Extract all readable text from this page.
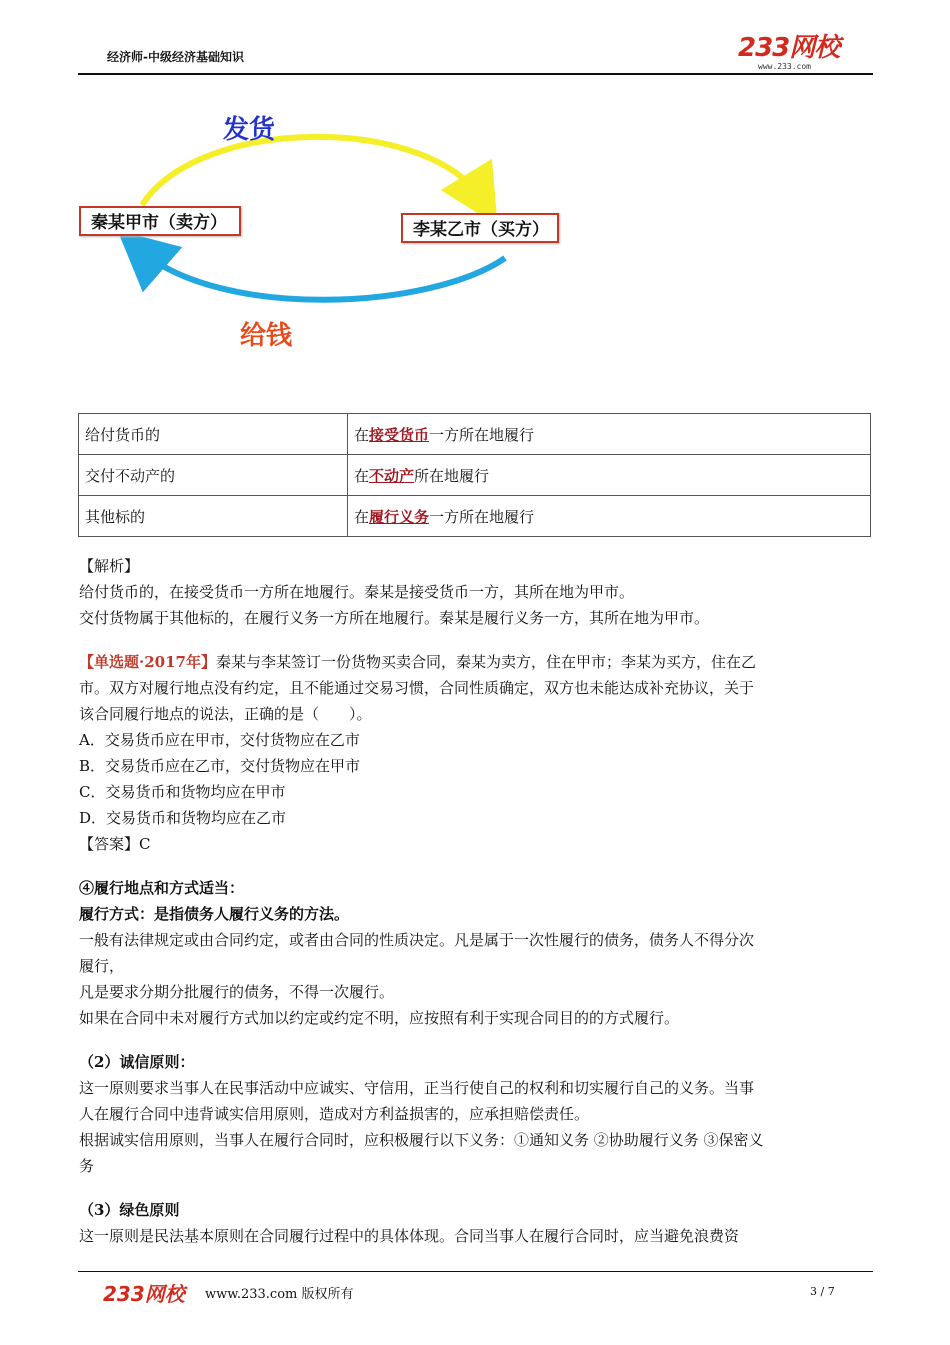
经济师-中级经济基础知识	233网校
www.233.com
发货
给钱
秦某甲市（卖方）	李某乙市（买方）
给付货币的	在接受货币一方所在地履行
交付不动产的	在不动产所在地履行
其他标的	在履行义务一方所在地履行
【解析】
给付货币的，在接受货币一方所在地履行。秦某是接受货币一方，其所在地为甲市。
交付货物属于其他标的，在履行义务一方所在地履行。秦某是履行义务一方，其所在地为甲市。
【单选题·2017年】秦某与李某签订一份货物买卖合同，秦某为卖方，住在甲市；李某为买方，住在乙
市。双方对履行地点没有约定，且不能通过交易习惯，合同性质确定，双方也未能达成补充协议，关于
该合同履行地点的说法，正确的是（　　）。
A．交易货币应在甲市，交付货物应在乙市
B．交易货币应在乙市，交付货物应在甲市
C．交易货币和货物均应在甲市
D．交易货币和货物均应在乙市
【答案】C
④履行地点和方式适当：
履行方式：是指债务人履行义务的方法。
一般有法律规定或由合同约定，或者由合同的性质决定。凡是属于一次性履行的债务，债务人不得分次
履行，
凡是要求分期分批履行的债务，不得一次履行。
如果在合同中未对履行方式加以约定或约定不明，应按照有利于实现合同目的的方式履行。
（2）诚信原则：
这一原则要求当事人在民事活动中应诚实、守信用，正当行使自己的权利和切实履行自己的义务。当事
人在履行合同中违背诚实信用原则，造成对方利益损害的，应承担赔偿责任。
根据诚实信用原则，当事人在履行合同时，应积极履行以下义务：①通知义务 ②协助履行义务 ③保密义
务
（3）绿色原则
这一原则是民法基本原则在合同履行过程中的具体体现。合同当事人在履行合同时，应当避免浪费资
233网校 www.233.com 版权所有	3 / 7
